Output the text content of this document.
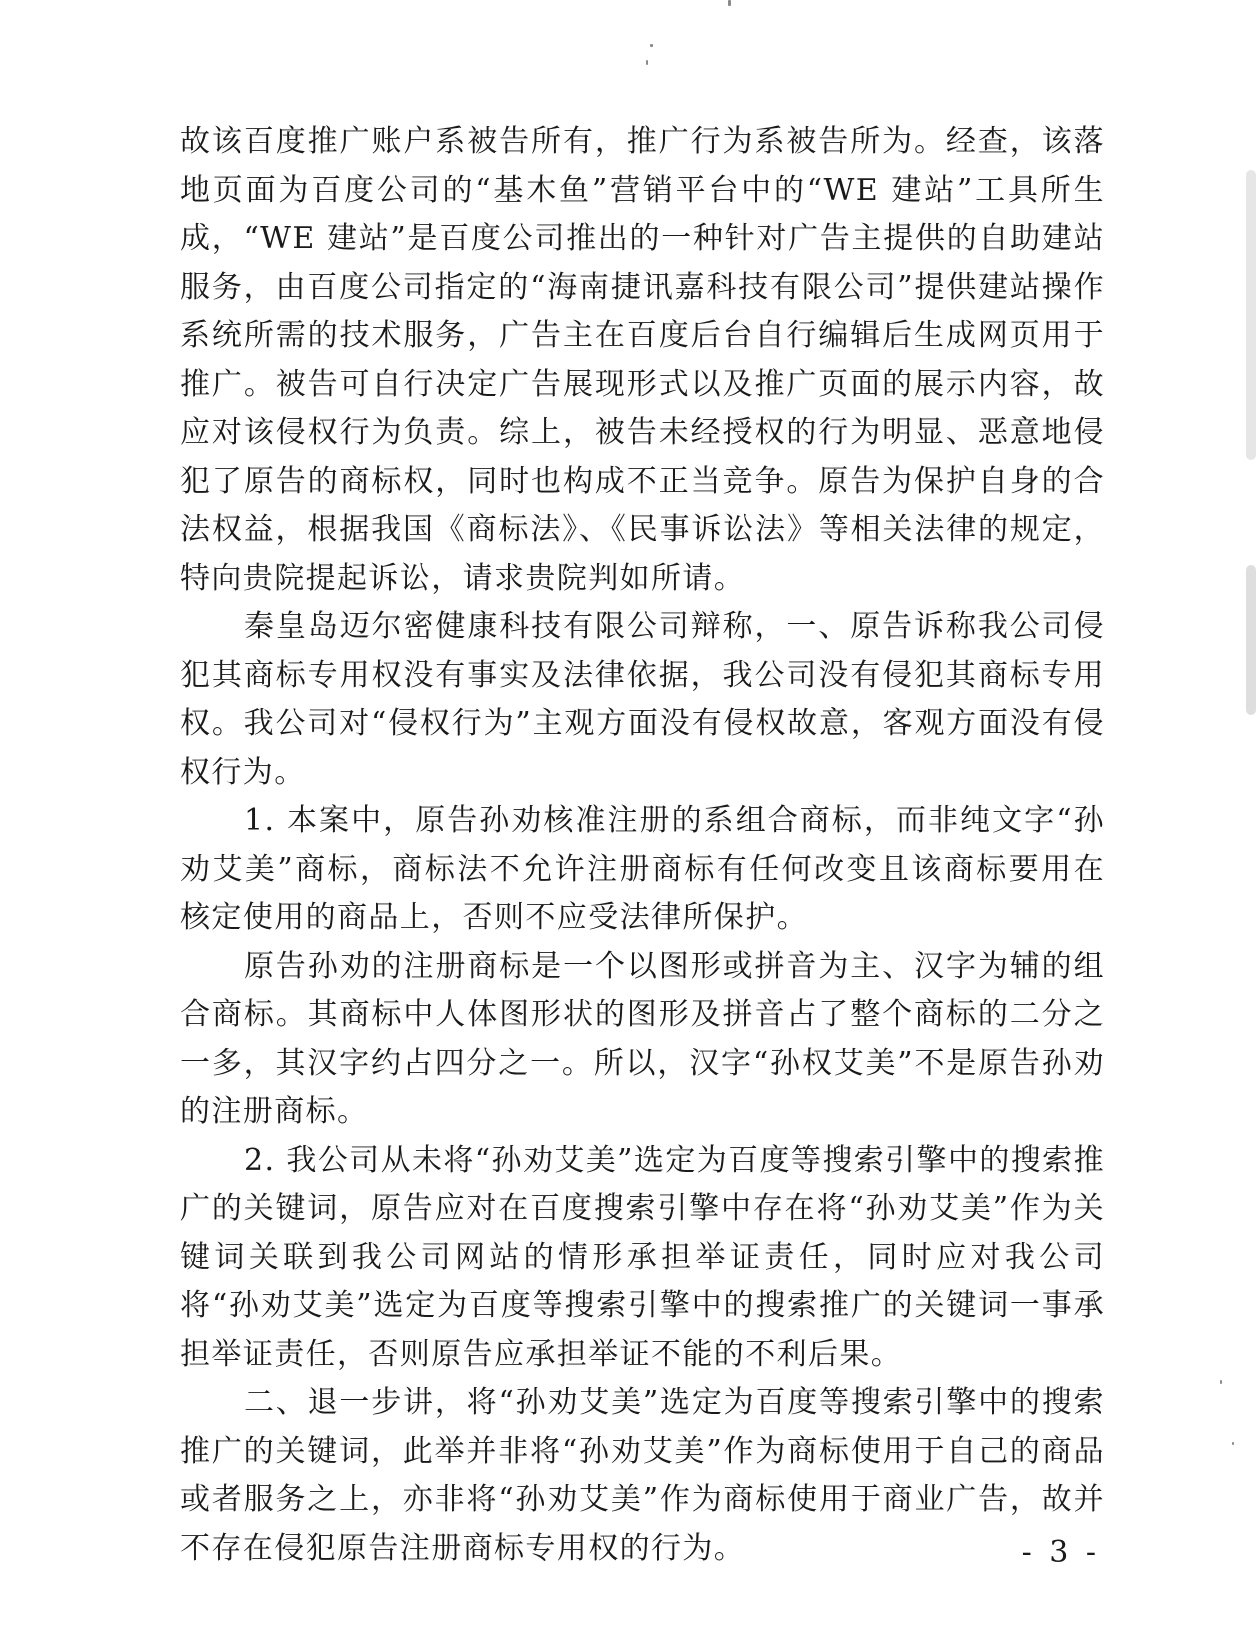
故该百度推广账户系被告所有，推广行为系被告所为。经查，该落地页面为百度公司的“基木鱼”营销平台中的“WE 建站”工具所生成，“WE 建站”是百度公司推出的一种针对广告主提供的自助建站服务，由百度公司指定的“海南捷讯嘉科技有限公司”提供建站操作系统所需的技术服务，广告主在百度后台自行编辑后生成网页用于推广。被告可自行决定广告展现形式以及推广页面的展示内容，故应对该侵权行为负责。综上，被告未经授权的行为明显、恶意地侵犯了原告的商标权，同时也构成不正当竞争。原告为保护自身的合法权益，根据我国《商标法》、《民事诉讼法》等相关法律的规定，特向贵院提起诉讼，请求贵院判如所请。

秦皇岛迈尔密健康科技有限公司辩称，一、原告诉称我公司侵犯其商标专用权没有事实及法律依据，我公司没有侵犯其商标专用权。我公司对“侵权行为”主观方面没有侵权故意，客观方面没有侵权行为。

1. 本案中，原告孙劝核准注册的系组合商标，而非纯文字“孙劝艾美”商标，商标法不允许注册商标有任何改变且该商标要用在核定使用的商品上，否则不应受法律所保护。

原告孙劝的注册商标是一个以图形或拼音为主、汉字为辅的组合商标。其商标中人体图形状的图形及拼音占了整个商标的二分之一多，其汉字约占四分之一。所以，汉字“孙权艾美”不是原告孙劝的注册商标。

2. 我公司从未将“孙劝艾美”选定为百度等搜索引擎中的搜索推广的关键词，原告应对在百度搜索引擎中存在将“孙劝艾美”作为关键词关联到我公司网站的情形承担举证责任，同时应对我公司将“孙劝艾美”选定为百度等搜索引擎中的搜索推广的关键词一事承担举证责任，否则原告应承担举证不能的不利后果。

二、退一步讲，将“孙劝艾美”选定为百度等搜索引擎中的搜索推广的关键词，此举并非将“孙劝艾美”作为商标使用于自己的商品或者服务之上，亦非将“孙劝艾美”作为商标使用于商业广告，故并不存在侵犯原告注册商标专用权的行为。	- 3 -
